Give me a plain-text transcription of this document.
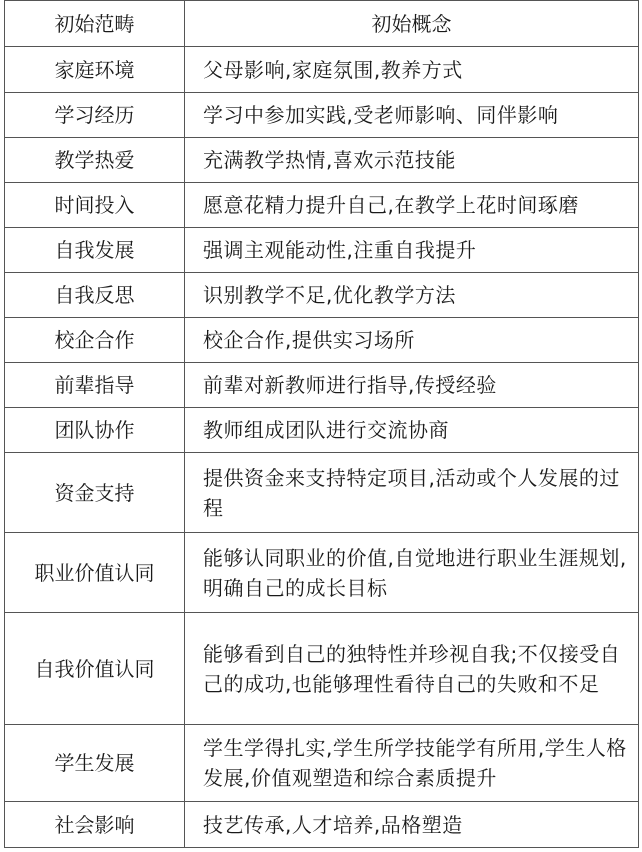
初始范畴	初始概念
家庭环境	父母影响,家庭氛围,教养方式
学习经历	学习中参加实践,受老师影响、同伴影响
教学热爱	充满教学热情,喜欢示范技能
时间投入	愿意花精力提升自己,在教学上花时间琢磨
自我发展	强调主观能动性,注重自我提升
自我反思	识别教学不足,优化教学方法
校企合作	校企合作,提供实习场所
前辈指导	前辈对新教师进行指导,传授经验
团队协作	教师组成团队进行交流协商
资金支持	提供资金来支持特定项目,活动或个人发展的过程
职业价值认同	能够认同职业的价值,自觉地进行职业生涯规划,明确自己的成长目标
自我价值认同	能够看到自己的独特性并珍视自我;不仅接受自己的成功,也能够理性看待自己的失败和不足
学生发展	学生学得扎实,学生所学技能学有所用,学生人格发展,价值观塑造和综合素质提升
社会影响	技艺传承,人才培养,品格塑造
